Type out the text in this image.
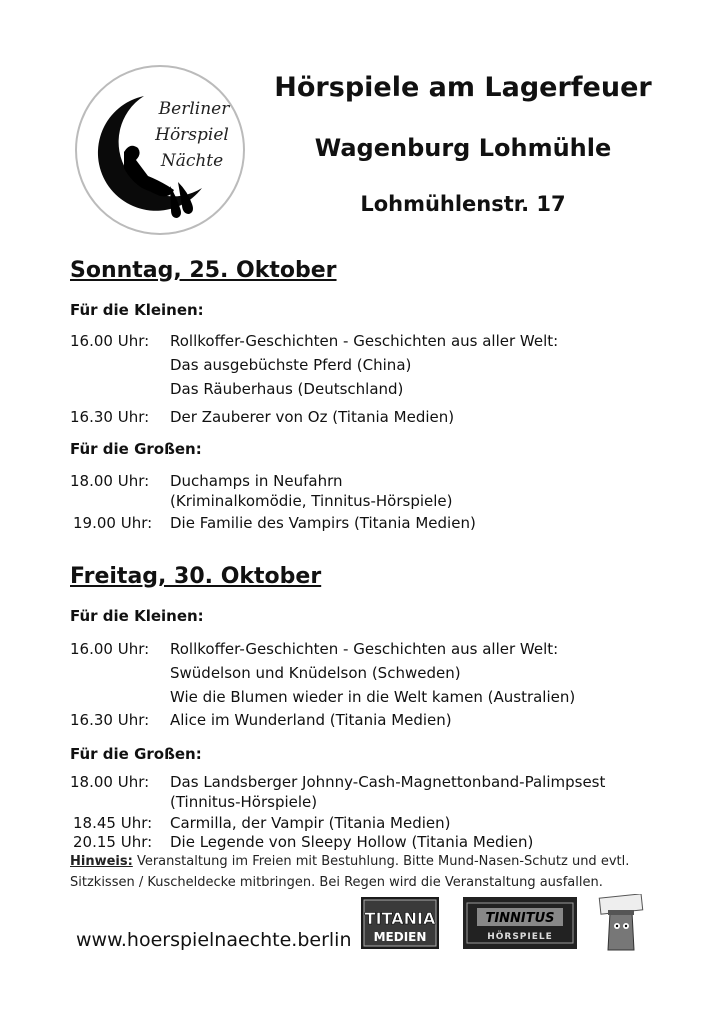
Berliner
Hörspiel
Nächte
Hörspiele am Lagerfeuer
Wagenburg Lohmühle
Lohmühlenstr. 17
Sonntag, 25. Oktober
Für die Kleinen:
16.00 Uhr:	Rollkoffer-Geschichten - Geschichten aus aller Welt:
Das ausgebüchste Pferd (China)
Das Räuberhaus (Deutschland)
16.30 Uhr:	Der Zauberer von Oz (Titania Medien)
Für die Großen:
18.00 Uhr:	Duchamps in Neufahrn
(Kriminalkomödie, Tinnitus-Hörspiele)
19.00 Uhr:	Die Familie des Vampirs (Titania Medien)
Freitag, 30. Oktober
Für die Kleinen:
16.00 Uhr:	Rollkoffer-Geschichten - Geschichten aus aller Welt:
Swüdelson und Knüdelson (Schweden)
Wie die Blumen wieder in die Welt kamen (Australien)
16.30 Uhr:	Alice im Wunderland (Titania Medien)
Für die Großen:
18.00 Uhr:	Das Landsberger Johnny-Cash-Magnettonband-Palimpsest
(Tinnitus-Hörspiele)
18.45 Uhr:	Carmilla, der Vampir (Titania Medien)
20.15 Uhr:	Die Legende von Sleepy Hollow (Titania Medien)
Hinweis: Veranstaltung im Freien mit Bestuhlung. Bitte Mund-Nasen-Schutz und evtl. Sitzkissen / Kuscheldecke mitbringen. Bei Regen wird die Veranstaltung ausfallen.
www.hoerspielnaechte.berlin
TITANIA
MEDIEN
TINNITUS
HÖRSPIELE
